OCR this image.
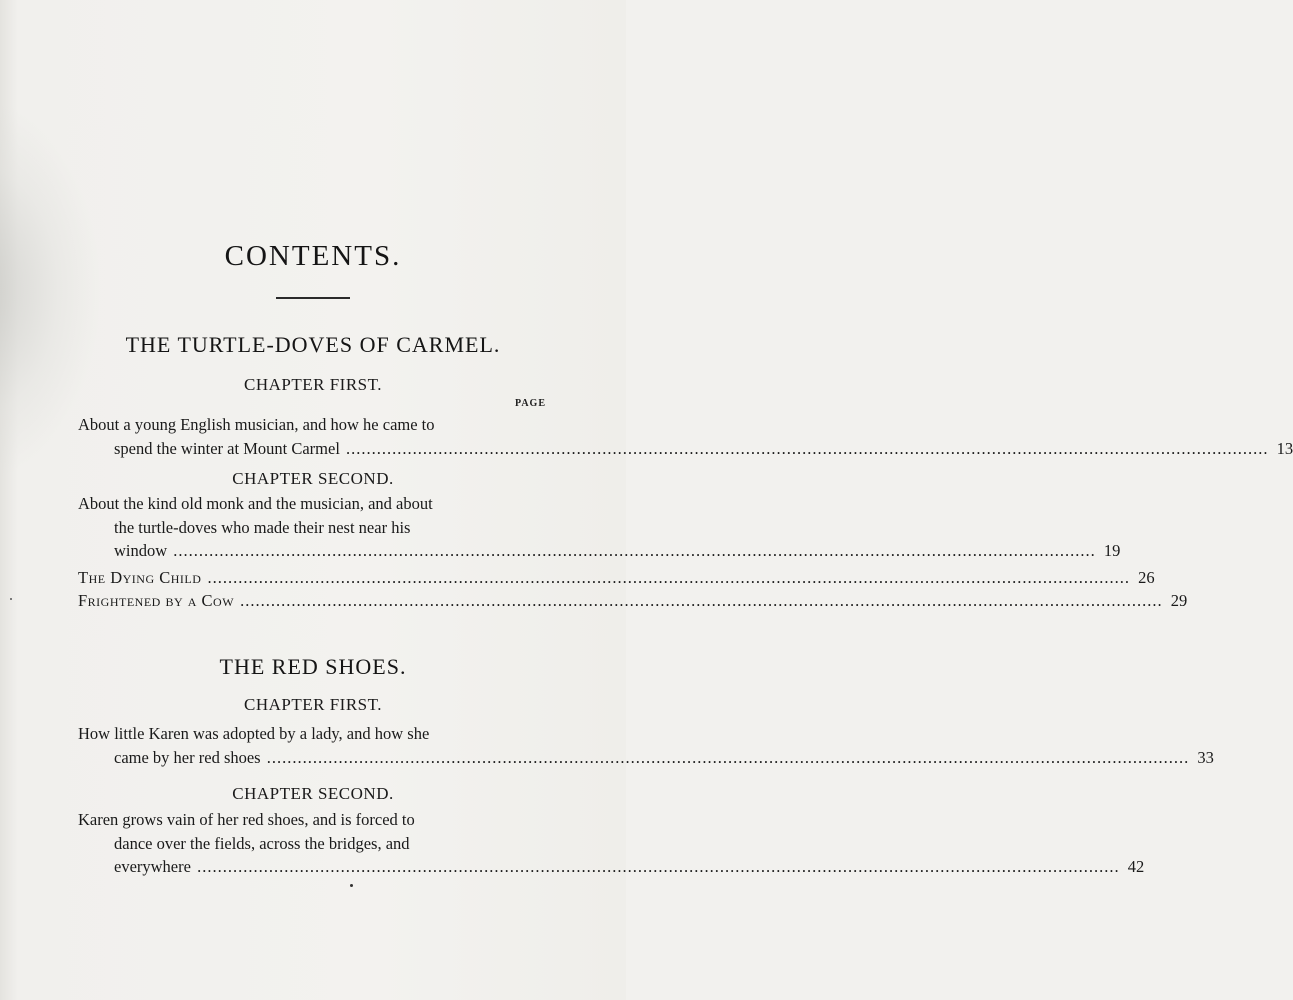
CONTENTS.
THE TURTLE-DOVES OF CARMEL.
CHAPTER FIRST.
PAGE
About a young English musician, and how he came to
spend the winter at Mount Carmel .....	13
CHAPTER SECOND.
About the kind old monk and the musician, and about
the turtle-doves who made their nest near his
window .....	19
The Dying Child .....	26
Frightened by a Cow .....	29
THE RED SHOES.
CHAPTER FIRST.
How little Karen was adopted by a lady, and how she
came by her red shoes .....	33
CHAPTER SECOND.
Karen grows vain of her red shoes, and is forced to
dance over the fields, across the bridges, and
everywhere .....	42
